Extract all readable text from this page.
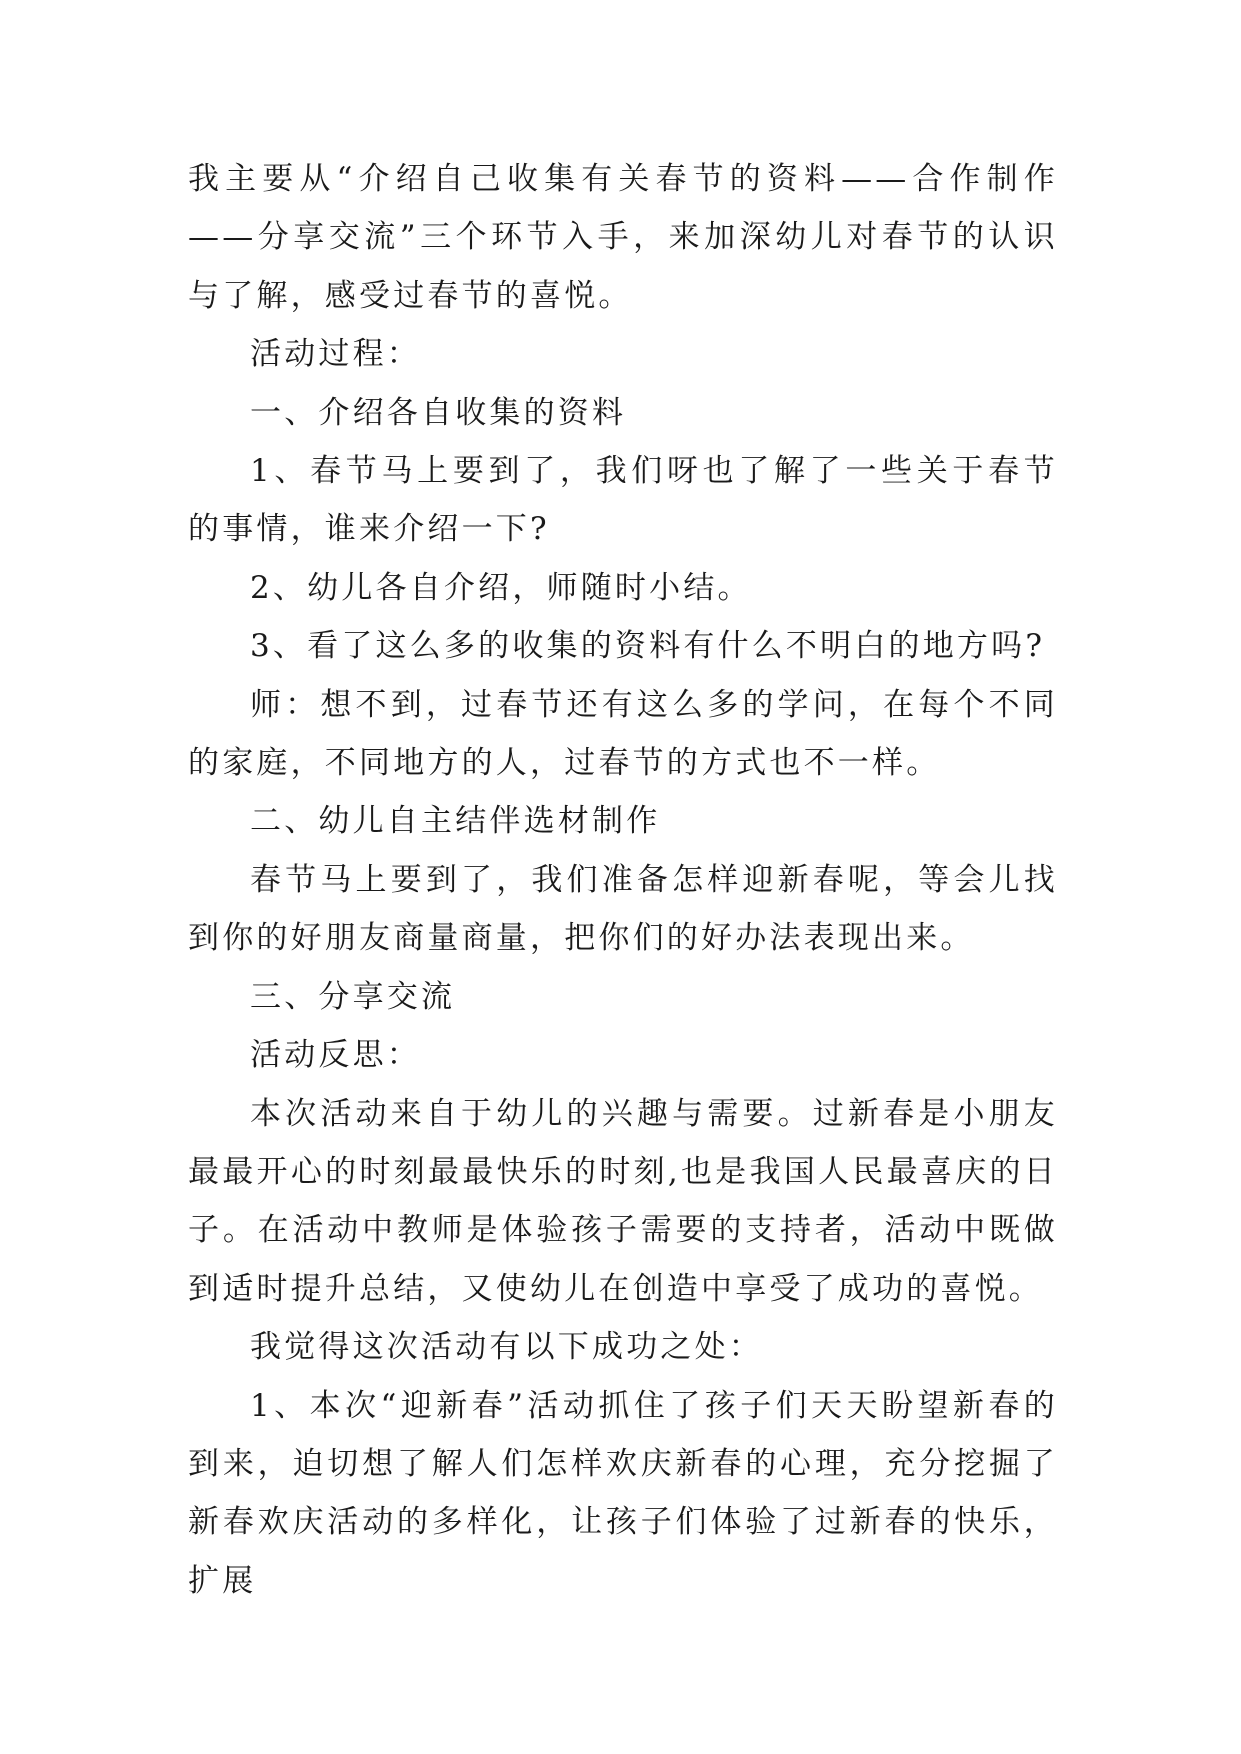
我主要从“介绍自己收集有关春节的资料——合作制作——分享交流”三个环节入手，来加深幼儿对春节的认识与了解，感受过春节的喜悦。

活动过程：

一、介绍各自收集的资料

1、春节马上要到了，我们呀也了解了一些关于春节的事情，谁来介绍一下?

2、幼儿各自介绍，师随时小结。

3、看了这么多的收集的资料有什么不明白的地方吗?

师：想不到，过春节还有这么多的学问，在每个不同的家庭，不同地方的人，过春节的方式也不一样。

二、幼儿自主结伴选材制作

春节马上要到了，我们准备怎样迎新春呢，等会儿找到你的好朋友商量商量，把你们的好办法表现出来。

三、分享交流

活动反思：

本次活动来自于幼儿的兴趣与需要。过新春是小朋友最最开心的时刻最最快乐的时刻,也是我国人民最喜庆的日子。在活动中教师是体验孩子需要的支持者，活动中既做到适时提升总结，又使幼儿在创造中享受了成功的喜悦。

我觉得这次活动有以下成功之处：

1、本次“迎新春”活动抓住了孩子们天天盼望新春的到来，迫切想了解人们怎样欢庆新春的心理，充分挖掘了新春欢庆活动的多样化，让孩子们体验了过新春的快乐，扩展
